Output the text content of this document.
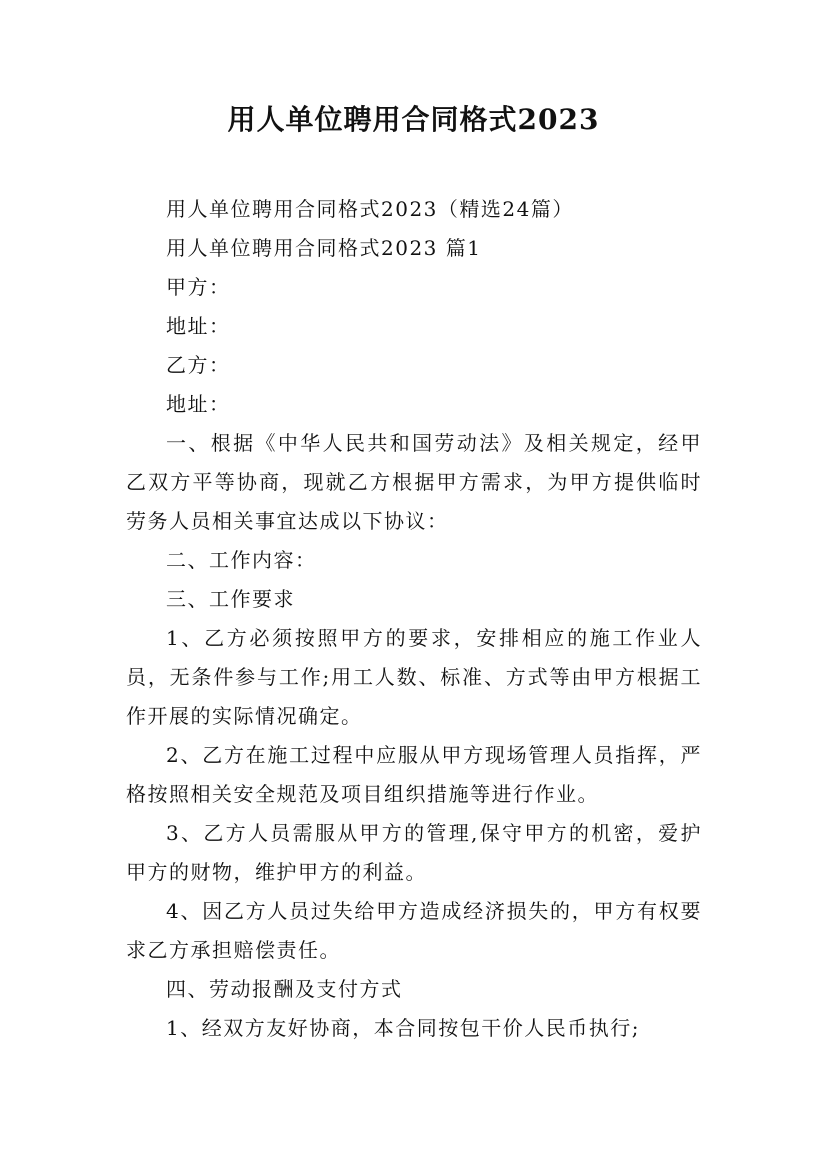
用人单位聘用合同格式2023

用人单位聘用合同格式2023（精选24篇）

用人单位聘用合同格式2023 篇1

甲方：

地址：

乙方：

地址：

一、根据《中华人民共和国劳动法》及相关规定，经甲乙双方平等协商，现就乙方根据甲方需求，为甲方提供临时劳务人员相关事宜达成以下协议：

二、工作内容：

三、工作要求

1、乙方必须按照甲方的要求，安排相应的施工作业人员，无条件参与工作;用工人数、标准、方式等由甲方根据工作开展的实际情况确定。

2、乙方在施工过程中应服从甲方现场管理人员指挥，严格按照相关安全规范及项目组织措施等进行作业。

3、乙方人员需服从甲方的管理,保守甲方的机密，爱护甲方的财物，维护甲方的利益。

4、因乙方人员过失给甲方造成经济损失的，甲方有权要求乙方承担赔偿责任。

四、劳动报酬及支付方式

1、经双方友好协商，本合同按包干价人民币执行;
